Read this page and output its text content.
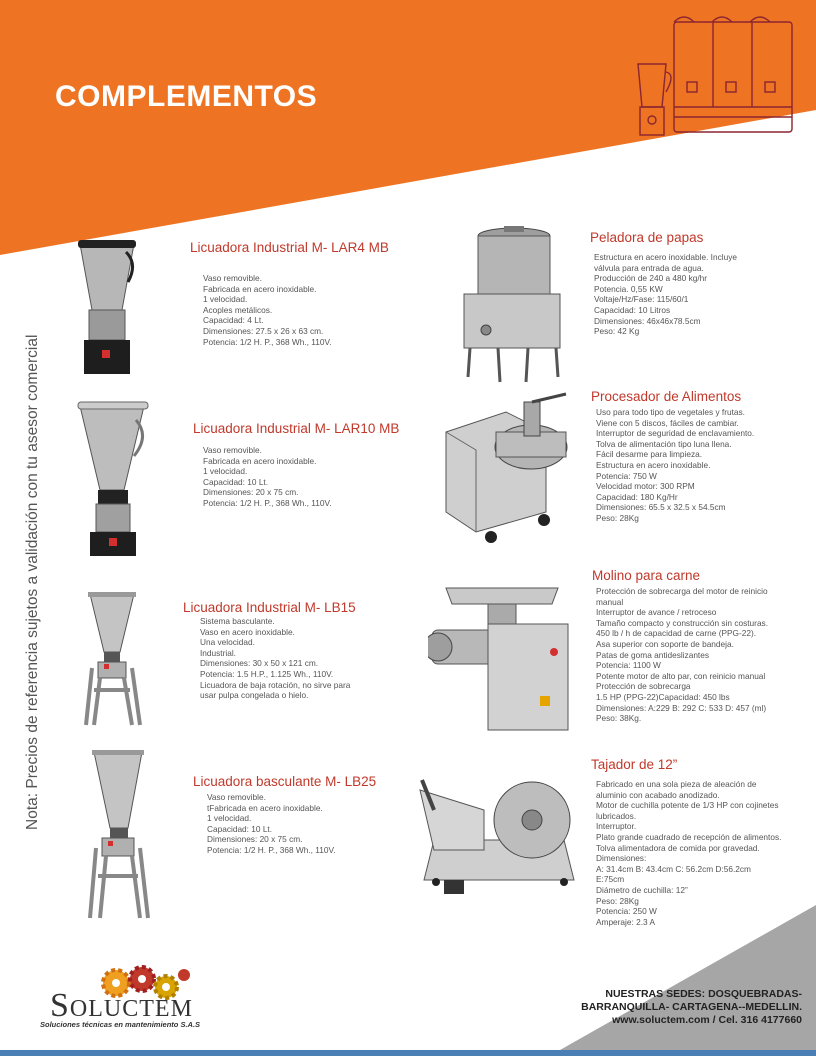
COMPLEMENTOS
Nota: Precios de referencia sujetos a validación con tu asesor comercial
Licuadora Industrial M- LAR4 MB
Vaso removible.
Fabricada en acero inoxidable.
1 velocidad.
Acoples metálicos.
Capacidad: 4 Lt.
Dimensiones: 27.5 x 26 x 63 cm.
Potencia: 1/2 H. P., 368 Wh., 110V.
Licuadora Industrial M- LAR10 MB
Vaso removible.
Fabricada en acero inoxidable.
1 velocidad.
Capacidad: 10 Lt.
Dimensiones: 20 x 75 cm.
Potencia: 1/2 H. P., 368 Wh., 110V.
Licuadora Industrial M- LB15
Sistema basculante.
Vaso en acero inoxidable.
Una velocidad.
Industrial.
Dimensiones: 30 x 50 x 121 cm.
Potencia: 1.5 H.P., 1.125 Wh., 110V.
Licuadora de baja rotación, no sirve para
usar pulpa congelada o hielo.
Licuadora basculante M- LB25
Vaso removible.
tFabricada en acero inoxidable.
1 velocidad.
Capacidad: 10 Lt.
Dimensiones: 20 x 75 cm.
Potencia: 1/2 H. P., 368 Wh., 110V.
Peladora de papas
Estructura en acero inoxidable. Incluye
válvula para entrada de agua.
Producción de 240 a 480 kg/hr
Potencia. 0,55 KW
Voltaje/Hz/Fase: 115/60/1
Capacidad: 10 Litros
Dimensiones: 46x46x78.5cm
Peso: 42 Kg
Procesador de Alimentos
Uso para todo tipo de vegetales y frutas.
Viene con 5 discos, fáciles de cambiar.
Interruptor de seguridad de enclavamiento.
Tolva de alimentación tipo luna llena.
Fácil desarme para limpieza.
Estructura en acero inoxidable.
Potencia: 750 W
Velocidad motor: 300 RPM
Capacidad: 180 Kg/Hr
Dimensiones: 65.5 x 32.5 x 54.5cm
Peso: 28Kg
Molino para carne
Protección de sobrecarga del motor de reinicio
manual
Interruptor de avance / retroceso
Tamaño compacto y construcción sin costuras.
450 lb / h de capacidad de carne (PPG-22).
Asa superior con soporte de bandeja.
Patas de goma antideslizantes
Potencia: 1100 W
Potente motor de alto par, con reinicio manual
Protección de sobrecarga
1.5 HP (PPG-22)Capacidad: 450 lbs
Dimensiones: A:229 B: 292 C: 533 D: 457 (ml)
Peso: 38Kg.
Tajador de 12”
Fabricado en una sola pieza de aleación de
aluminio con acabado anodizado.
Motor de cuchilla potente de 1/3 HP con cojinetes
lubricados.
Interruptor.
Plato grande cuadrado de recepción de alimentos.
Tolva alimentadora de comida por gravedad.
Dimensiones:
A: 31.4cm B: 43.4cm C: 56.2cm D:56.2cm
E:75cm
Diámetro de cuchilla: 12”
Peso: 28Kg
Potencia: 250 W
Amperaje: 2.3 A
SOLUCTEM
Soluciones técnicas en mantenimiento S.A.S
NUESTRAS SEDES: DOSQUEBRADAS-
BARRANQUILLA- CARTAGENA--MEDELLIN.
www.soluctem.com / Cel. 316 4177660
